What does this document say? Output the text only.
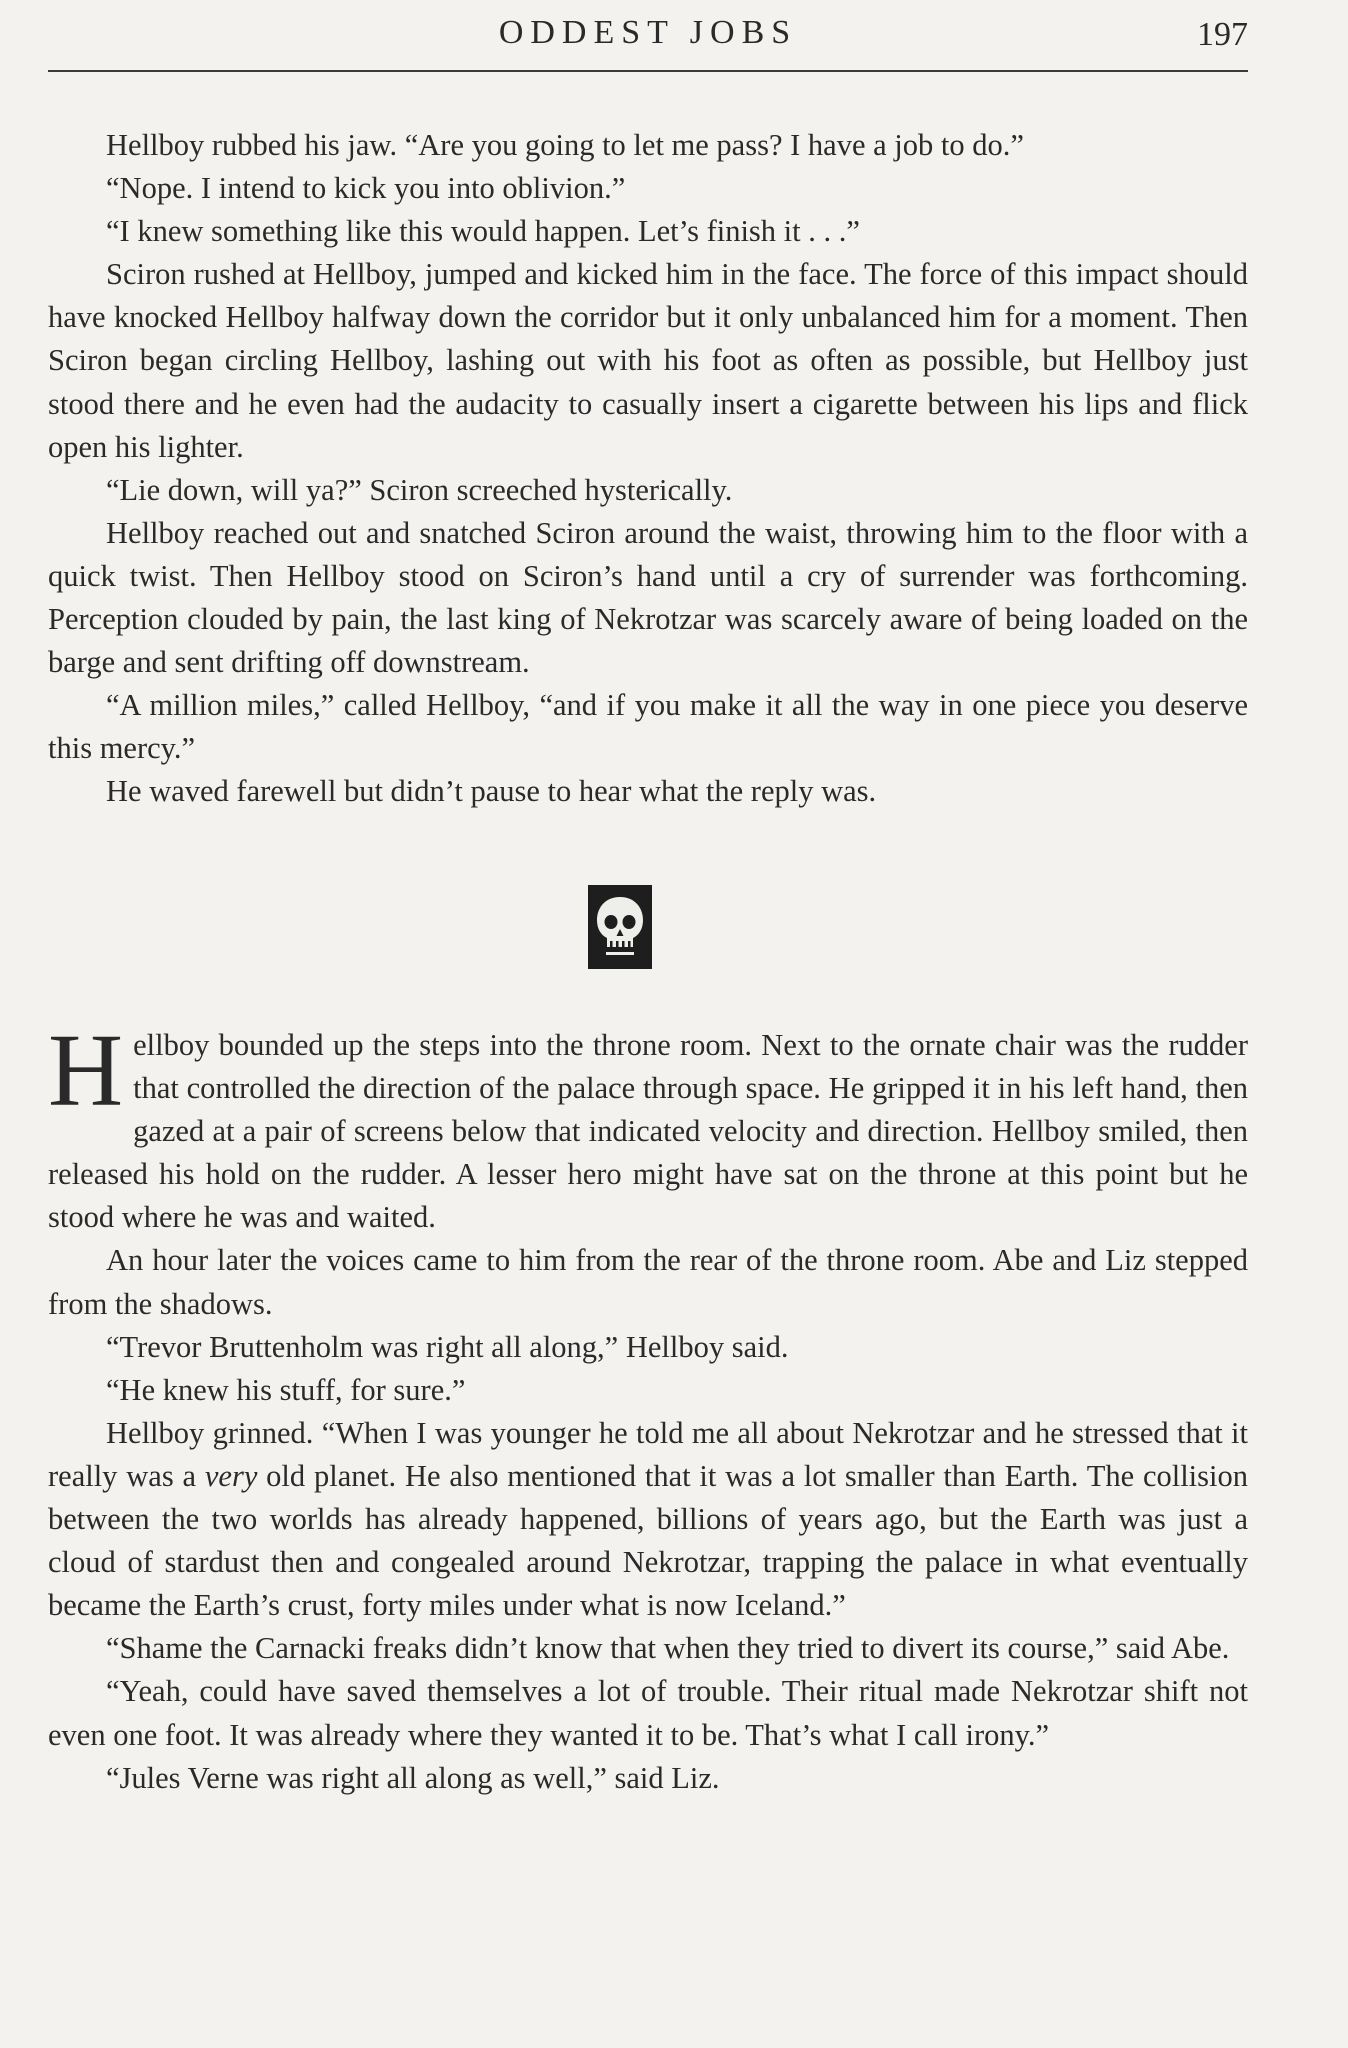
ODDEST JOBS	197

Hellboy rubbed his jaw. “Are you going to let me pass? I have a job to do.”

“Nope. I intend to kick you into oblivion.”

“I knew something like this would happen. Let’s finish it . . .”

Sciron rushed at Hellboy, jumped and kicked him in the face. The force of this impact should have knocked Hellboy halfway down the corridor but it only unbalanced him for a moment. Then Sciron began circling Hellboy, lashing out with his foot as often as possible, but Hellboy just stood there and he even had the audacity to casually insert a cigarette between his lips and flick open his lighter.

“Lie down, will ya?” Sciron screeched hysterically.

Hellboy reached out and snatched Sciron around the waist, throwing him to the floor with a quick twist. Then Hellboy stood on Sciron’s hand until a cry of surrender was forthcoming. Perception clouded by pain, the last king of Nekrotzar was scarcely aware of being loaded on the barge and sent drifting off downstream.

“A million miles,” called Hellboy, “and if you make it all the way in one piece you deserve this mercy.”

He waved farewell but didn’t pause to hear what the reply was.

Hellboy bounded up the steps into the throne room. Next to the ornate chair was the rudder that controlled the direction of the palace through space. He gripped it in his left hand, then gazed at a pair of screens below that indicated velocity and direction. Hellboy smiled, then released his hold on the rudder. A lesser hero might have sat on the throne at this point but he stood where he was and waited.

An hour later the voices came to him from the rear of the throne room. Abe and Liz stepped from the shadows.

“Trevor Bruttenholm was right all along,” Hellboy said.

“He knew his stuff, for sure.”

Hellboy grinned. “When I was younger he told me all about Nekrotzar and he stressed that it really was a very old planet. He also mentioned that it was a lot smaller than Earth. The collision between the two worlds has already happened, billions of years ago, but the Earth was just a cloud of stardust then and congealed around Nekrotzar, trapping the palace in what eventually became the Earth’s crust, forty miles under what is now Iceland.”

“Shame the Carnacki freaks didn’t know that when they tried to divert its course,” said Abe.

“Yeah, could have saved themselves a lot of trouble. Their ritual made Nekrotzar shift not even one foot. It was already where they wanted it to be. That’s what I call irony.”

“Jules Verne was right all along as well,” said Liz.
